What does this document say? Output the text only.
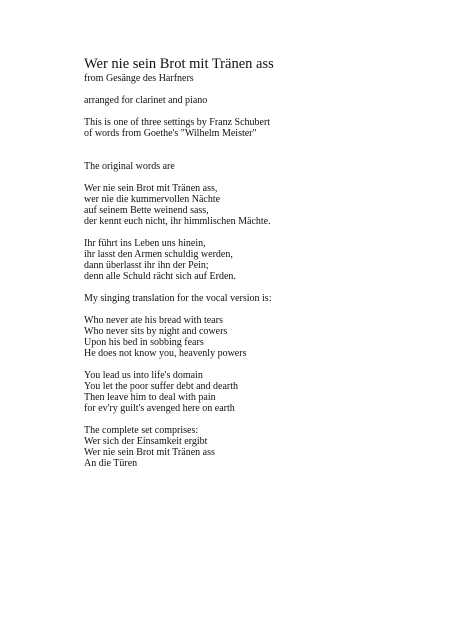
Wer nie sein Brot mit Tränen ass
from Gesänge des Harfners
arranged for clarinet and piano
This is one of three settings by Franz Schubert
of words from Goethe's "Wilhelm Meister"
The original words are
Wer nie sein Brot mit Tränen ass,
wer nie die kummervollen Nächte
auf seinem Bette weinend sass,
der kennt euch nicht, ihr himmlischen Mächte.
Ihr führt ins Leben uns hinein,
ihr lasst den Armen schuldig werden,
dann überlasst ihr ihn der Pein;
denn alle Schuld rächt sich auf Erden.
My singing translation for the vocal version is:
Who never ate his bread with tears
Who never sits by night and cowers
Upon his bed in sobbing fears
He does not know you, heavenly powers
You lead us into life's domain
You let the poor suffer debt and dearth
Then leave him to deal with pain
for ev'ry guilt's avenged here on earth
The complete set comprises:
Wer sich der Einsamkeit ergibt
Wer nie sein Brot mit Tränen ass
An die Türen
